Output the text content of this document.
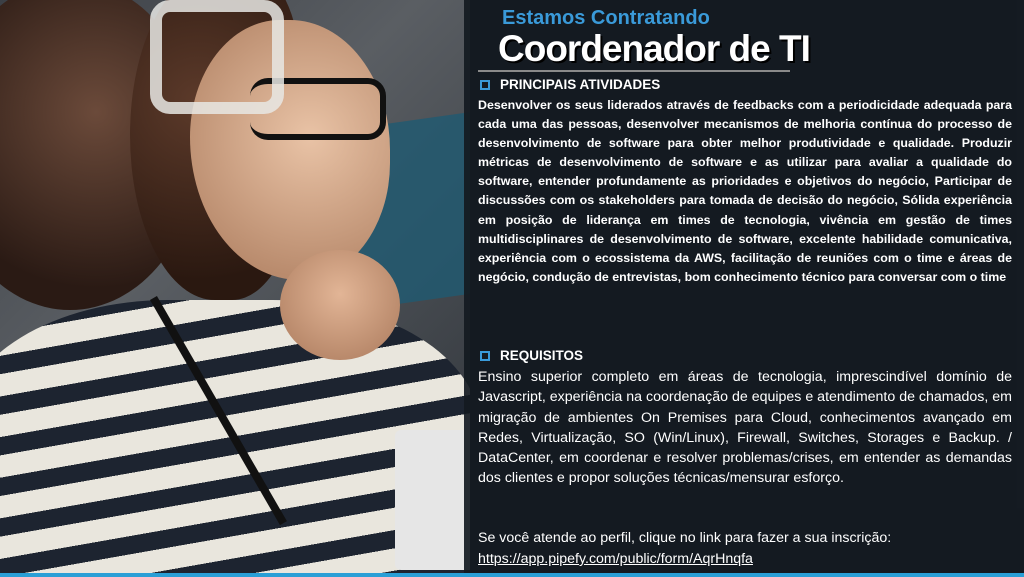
Estamos Contratando
Coordenador de TI
PRINCIPAIS ATIVIDADES
Desenvolver os seus liderados através de feedbacks com a periodicidade adequada para cada uma das pessoas, desenvolver mecanismos de melhoria contínua do processo de desenvolvimento de software para obter melhor produtividade e qualidade. Produzir métricas de desenvolvimento de software e as utilizar para avaliar a qualidade do software, entender profundamente as prioridades e objetivos do negócio, Participar de discussões com os stakeholders para tomada de decisão do negócio, Sólida experiência em posição de liderança em times de tecnologia, vivência em gestão de times multidisciplinares de desenvolvimento de software, excelente habilidade comunicativa, experiência com o ecossistema da AWS, facilitação de reuniões com o time e áreas de negócio, condução de entrevistas, bom conhecimento técnico para conversar com o time
REQUISITOS
Ensino superior completo em áreas de tecnologia, imprescindível domínio de Javascript, experiência na coordenação de equipes e atendimento de chamados, em migração de ambientes On Premises para Cloud, conhecimentos avançado em Redes, Virtualização, SO (Win/Linux), Firewall, Switches, Storages e Backup. / DataCenter, em coordenar e resolver problemas/crises, em entender as demandas dos clientes e propor soluções técnicas/mensurar esforço.
Se você atende ao perfil, clique no link para fazer a sua inscrição:
https://app.pipefy.com/public/form/AqrHnqfa
